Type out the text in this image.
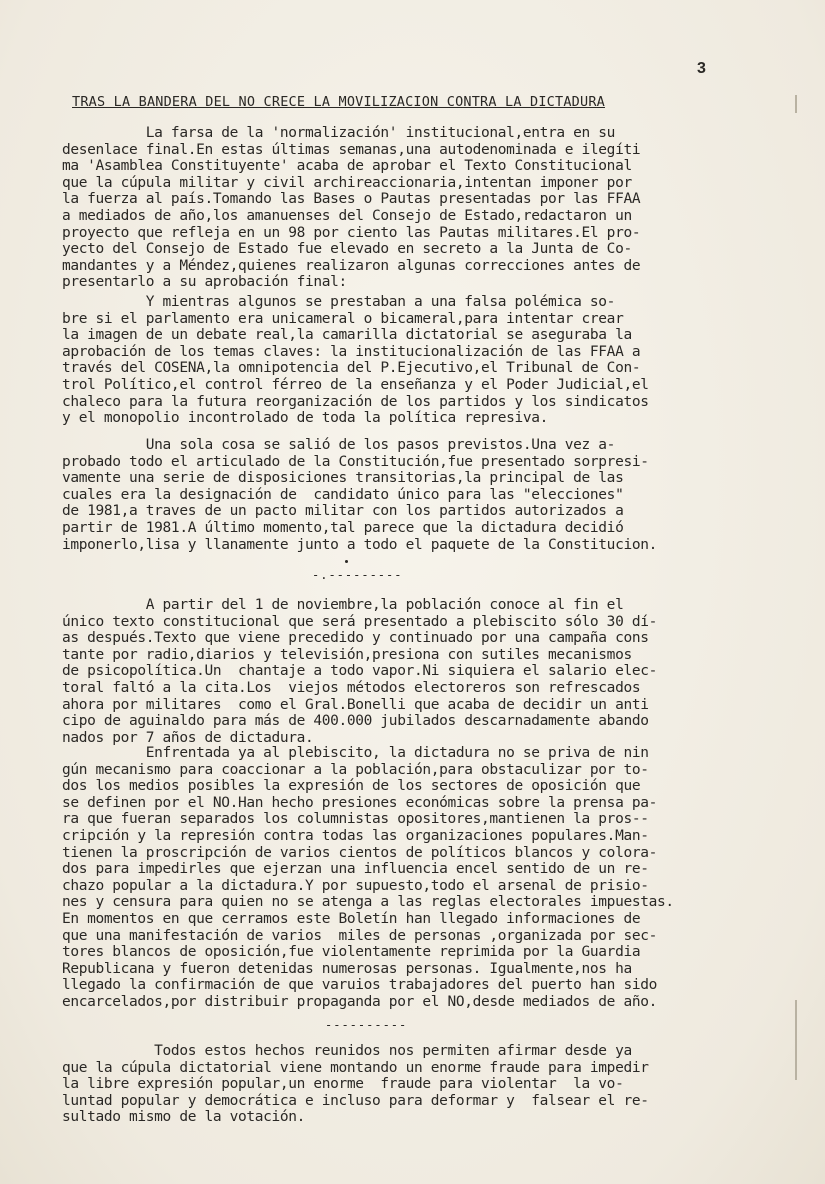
3
TRAS LA BANDERA DEL NO CRECE LA MOVILIZACION CONTRA LA DICTADURA
La farsa de la 'normalización' institucional,entra en su
desenlace final.En estas últimas semanas,una autodenominada e ilegíti
ma 'Asamblea Constituyente' acaba de aprobar el Texto Constitucional
que la cúpula militar y civil archireaccionaria,intentan imponer por
la fuerza al país.Tomando las Bases o Pautas presentadas por las FFAA
a mediados de año,los amanuenses del Consejo de Estado,redactaron un
proyecto que refleja en un 98 por ciento las Pautas militares.El pro-
yecto del Consejo de Estado fue elevado en secreto a la Junta de Co-
mandantes y a Méndez,quienes realizaron algunas correcciones antes de
presentarlo a su aprobación final:
Y mientras algunos se prestaban a una falsa polémica so-
bre si el parlamento era unicameral o bicameral,para intentar crear
la imagen de un debate real,la camarilla dictatorial se aseguraba la
aprobación de los temas claves: la institucionalización de las FFAA a
través del COSENA,la omnipotencia del P.Ejecutivo,el Tribunal de Con-
trol Político,el control férreo de la enseñanza y el Poder Judicial,el
chaleco para la futura reorganización de los partidos y los sindicatos
y el monopolio incontrolado de toda la política represiva.
Una sola cosa se salió de los pasos previstos.Una vez a-
probado todo el articulado de la Constitución,fue presentado sorpresi-
vamente una serie de disposiciones transitorias,la principal de las
cuales era la designación de  candidato único para las "elecciones"
de 1981,a traves de un pacto militar con los partidos autorizados a
partir de 1981.A último momento,tal parece que la dictadura decidió
imponerlo,lisa y llanamente junto a todo el paquete de la Constitucion.
-.---------
A partir del 1 de noviembre,la población conoce al fin el
único texto constitucional que será presentado a plebiscito sólo 30 dí-
as después.Texto que viene precedido y continuado por una campaña cons
tante por radio,diarios y televisión,presiona con sutiles mecanismos
de psicopolítica.Un  chantaje a todo vapor.Ni siquiera el salario elec-
toral faltó a la cita.Los  viejos métodos electoreros son refrescados
ahora por militares  como el Gral.Bonelli que acaba de decidir un anti
cipo de aguinaldo para más de 400.000 jubilados descarnadamente abando
nados por 7 años de dictadura.
Enfrentada ya al plebiscito, la dictadura no se priva de nin
gún mecanismo para coaccionar a la población,para obstaculizar por to-
dos los medios posibles la expresión de los sectores de oposición que
se definen por el NO.Han hecho presiones económicas sobre la prensa pa-
ra que fueran separados los columnistas opositores,mantienen la pros--
cripción y la represión contra todas las organizaciones populares.Man-
tienen la proscripción de varios cientos de políticos blancos y colora-
dos para impedirles que ejerzan una influencia encel sentido de un re-
chazo popular a la dictadura.Y por supuesto,todo el arsenal de prisio-
nes y censura para quien no se atenga a las reglas electorales impuestas.
En momentos en que cerramos este Boletín han llegado informaciones de
que una manifestación de varios  miles de personas ,organizada por sec-
tores blancos de oposición,fue violentamente reprimida por la Guardia
Republicana y fueron detenidas numerosas personas. Igualmente,nos ha
llegado la confirmación de que varuios trabajadores del puerto han sido
encarcelados,por distribuir propaganda por el NO,desde mediados de año.
----------
Todos estos hechos reunidos nos permiten afirmar desde ya
que la cúpula dictatorial viene montando un enorme fraude para impedir
la libre expresión popular,un enorme  fraude para violentar  la vo-
luntad popular y democrática e incluso para deformar y  falsear el re-
sultado mismo de la votación.
